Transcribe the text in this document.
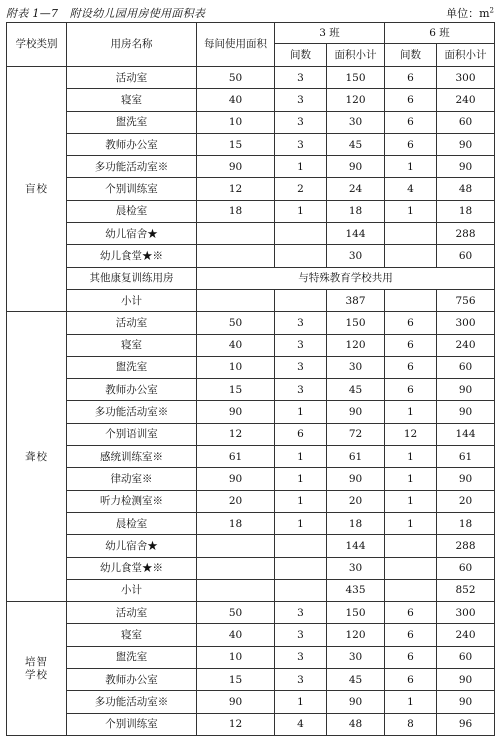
附表 1—7　附设幼儿园用房使用面积表	单位：$m^2$
学校类别	用房名称	每间使用面积	3 班		6 班	
			间数	面积小计	间数	面积小计
盲校	活动室	50	3	150	6	300
	寝室	40	3	120	6	240
	盥洗室	10	3	30	6	60
	教师办公室	15	3	45	6	90
	多功能活动室※	90	1	90	1	90
	个别训练室	12	2	24	4	48
	晨检室	18	1	18	1	18
	幼儿宿舍★			144		288
	幼儿食堂★※			30		60
	其他康复训练用房	与特殊教育学校共用				
	小计			387		756
聋校	活动室	50	3	150	6	300
	寝室	40	3	120	6	240
	盥洗室	10	3	30	6	60
	教师办公室	15	3	45	6	90
	多功能活动室※	90	1	90	1	90
	个别语训室	12	6	72	12	144
	感统训练室※	61	1	61	1	61
	律动室※	90	1	90	1	90
	听力检测室※	20	1	20	1	20
	晨检室	18	1	18	1	18
	幼儿宿舍★			144		288
	幼儿食堂★※			30		60
	小计			435		852
培智学校	活动室	50	3	150	6	300
	寝室	40	3	120	6	240
	盥洗室	10	3	30	6	60
	教师办公室	15	3	45	6	90
	多功能活动室※	90	1	90	1	90
	个别训练室	12	4	48	8	96
